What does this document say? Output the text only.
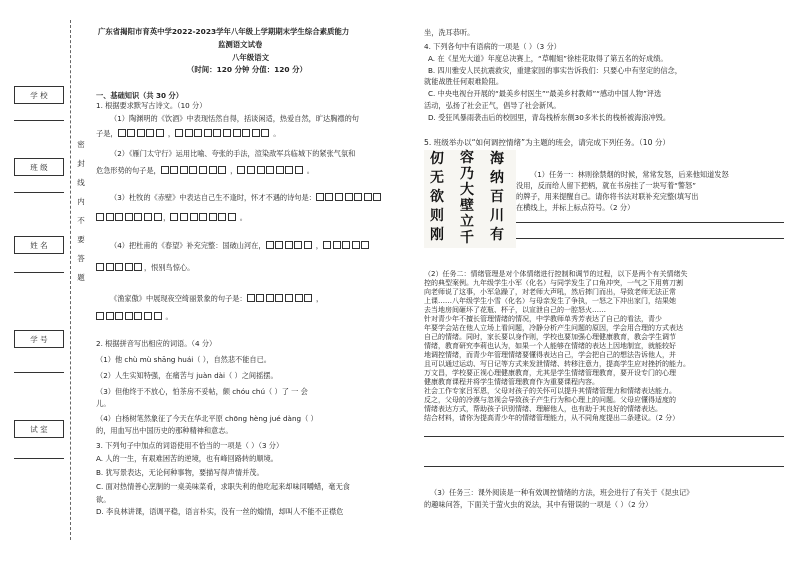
学 校
班 级
姓 名
学 号
试 室
密
封
线
内
不
要
答
题
广东省揭阳市育英中学2022-2023学年八年级上学期期末学生综合素质能力
监测语文试卷
八年级语文
（时间：120 分钟 分值：120 分）
一、基础知识（共 30 分）
1. 根据要求默写古诗文。（10 分）
（1）陶渊明的《饮酒》中表现恬然自得，括谈闲适，热爱自然，旷达胸襟的句
子是，	，	。
（2）《雁门太守行》运用比喻、夸张的手法，渲染敌军兵临城下的紧张气氛和
危急形势的句子是，	，	。
（3）杜牧的《赤壁》中表达自己生不逢时，怀才不遇的诗句是：
，	。
（4）把杜甫的《春望》补充完整：国破山河在，	，
，恨别鸟惊心。
《渔家傲》中展现夜空绮丽景象的句子是：	，
。
2. 根据拼音写出相应的词语。（4 分）
（1）他 chù mù shāng huái（ ），自然悲不能自已。
（2）人生实知特强，在痛苦与 juàn dài（ ）之间摇摆。
（3）但他终于不放心，怕茶房不妥帖，颇 chóu chú（ ）了 一 会
儿。
（4）白杨树笔然象征了今天在华北平原 chōng hèng jué dàng（ ）
的，用血写出中国历史的那种精神和意志。
3. 下列句子中加点的词语使用不恰当的一项是（ ）（3 分）
A. 人的一生，有艰难困苦的逆境，也有峰回路转的顺境。
B. 犹写景表达，无论何种事物，要描写得声情并茂。
C. 面对热情善心烹制的一桌美味菜肴，求职失利的他吃起来却味同嚼蜡，毫无食
欲。
D. 李良林讲课，语调平稳，语言朴实，没有一丝的煽情，却叫人不能不正襟危
坐，洗耳恭听。
4. 下列各句中有语病的一项是（ ）（3 分）
A. 在《星光大道》年度总决赛上，“草帽姐”徐桂花取得了第五名的好成绩。
B. 四川雅安人民抗震救灾，重建家园的事实告诉我们：只要心中有坚定的信念，
就能战胜任何艰难险阻。
C. 中央电视台开展的“最美乡村医生”“最美乡村教师”“感动中国人物”评选
活动，弘扬了社会正气，倡导了社会新风。
D. 受狂风暴雨袭击后的校园里，青岛栈桥东侧30多米长的栈桥被海浪冲毁。
5. 班级举办以“如何调控情绪”为主题的班会，请完成下列任务。（10 分）
仞
无
欲
则
刚
容
乃
大
壁
立
千
海
纳
百
川
有
（1）任务一：林则徐禁烟的时候，常常发怒，后来他知道发怒
没用，反而给人留下把柄，就在书房挂了一块写着“警怒”
的牌子，用来提醒自己。请你将书法对联补充完整(填写出
在横线上，并标上标点符号。（2 分）
（2）任务二：情绪管理是对个体情绪进行控制和调节的过程，以下是两个有关情绪失
控的典型案例。九年级学生小军（化名）与同学发生了口角冲突，一气之下用剪刀割
向老师说了这事，小军急躁了，对老师大声吼，然后摔门而出，导致老师无法正常
上课……八年级学生小雪（化名）与母亲发生了争执，一怒之下冲出家门，结果她
去当地房间砸坏了花瓶、杯子，以宣泄自己的一腔怒火……
针对青少年不擅长管理情绪的情况，中学教师单秀芳表达了自己的看法，青少
年要学会站在他人立场上看问题，冷静分析产生问题的原因，学会用合理的方式表达
自己的情绪。同时，家长要以身作则，学校也要加强心理健康教育，教会学生调节
情绪，教育研究李莉也认为，如果一个人能够在情绪的表达上因地制宜，就能较好
地调控情绪，而青少年管理情绪要懂得表达自己，学会把自己的想法告诉他人，并
且可以通过运动、写日记等方式来发泄情绪、转移注意力，提高学生应对挫折的能力。
万文昌，学校要正视心理健康教育，尤其是学生情绪管理教育，要开设专门的心理
健康教育课程并将学生情绪管理教育作为重要课程内容。
社会工作专家吕军恩，父母对孩子的关怀可以提升其情绪管理力和情绪表达能力。
反之，父母的冷漠与忽视会导致孩子产生行为和心理上的问题。父母应懂得适度的
情绪表达方式，帮助孩子识别情绪、理解他人，也有助于其良好的情绪表达。
结合材料，请你为提高青少年的情绪管理能力，从不同角度提出二条建议。（2 分）
（3）任务三：课外阅读是一种有效调控情绪的方法，班会进行了有关于《昆虫记》
的趣味问答，下面关于萤火虫的说法，其中有错误的一项是（ ）（2 分）
